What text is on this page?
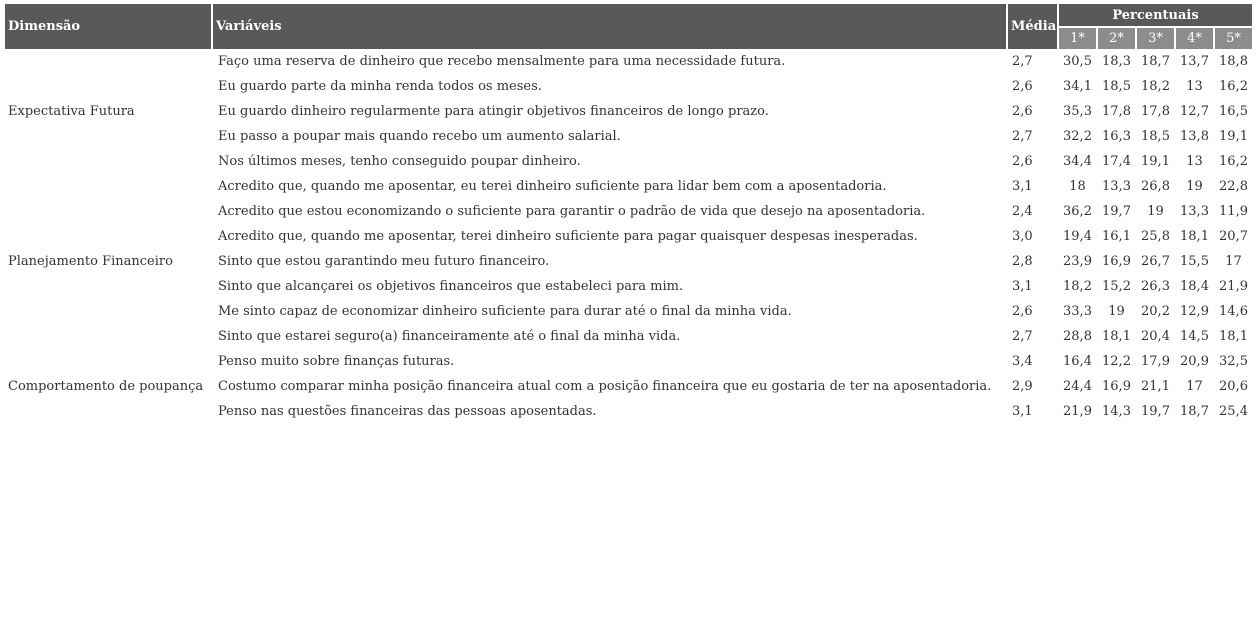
Dimensão	Variáveis	Média	Percentuais				
			1*	2*	3*	4*	5*
	Faço uma reserva de dinheiro que recebo mensalmente para uma necessidade futura.	2,7	30,5	18,3	18,7	13,7	18,8
	Eu guardo parte da minha renda todos os meses.	2,6	34,1	18,5	18,2	13	16,2
Expectativa Futura	Eu guardo dinheiro regularmente para atingir objetivos financeiros de longo prazo.	2,6	35,3	17,8	17,8	12,7	16,5
	Eu passo a poupar mais quando recebo um aumento salarial.	2,7	32,2	16,3	18,5	13,8	19,1
	Nos últimos meses, tenho conseguido poupar dinheiro.	2,6	34,4	17,4	19,1	13	16,2
	Acredito que, quando me aposentar, eu terei dinheiro suficiente para lidar bem com a aposentadoria.	3,1	18	13,3	26,8	19	22,8
	Acredito que estou economizando o suficiente para garantir o padrão de vida que desejo na aposentadoria.	2,4	36,2	19,7	19	13,3	11,9
	Acredito que, quando me aposentar, terei dinheiro suficiente para pagar quaisquer despesas inesperadas.	3,0	19,4	16,1	25,8	18,1	20,7
Planejamento Financeiro	Sinto que estou garantindo meu futuro financeiro.	2,8	23,9	16,9	26,7	15,5	17
	Sinto que alcançarei os objetivos financeiros que estabeleci para mim.	3,1	18,2	15,2	26,3	18,4	21,9
	Me sinto capaz de economizar dinheiro suficiente para durar até o final da minha vida.	2,6	33,3	19	20,2	12,9	14,6
	Sinto que estarei seguro(a) financeiramente até o final da minha vida.	2,7	28,8	18,1	20,4	14,5	18,1
	Penso muito sobre finanças futuras.	3,4	16,4	12,2	17,9	20,9	32,5
Comportamento de poupança	Costumo comparar minha posição financeira atual com a posição financeira que eu gostaria de ter na aposentadoria.	2,9	24,4	16,9	21,1	17	20,6
	Penso nas questões financeiras das pessoas aposentadas.	3,1	21,9	14,3	19,7	18,7	25,4
